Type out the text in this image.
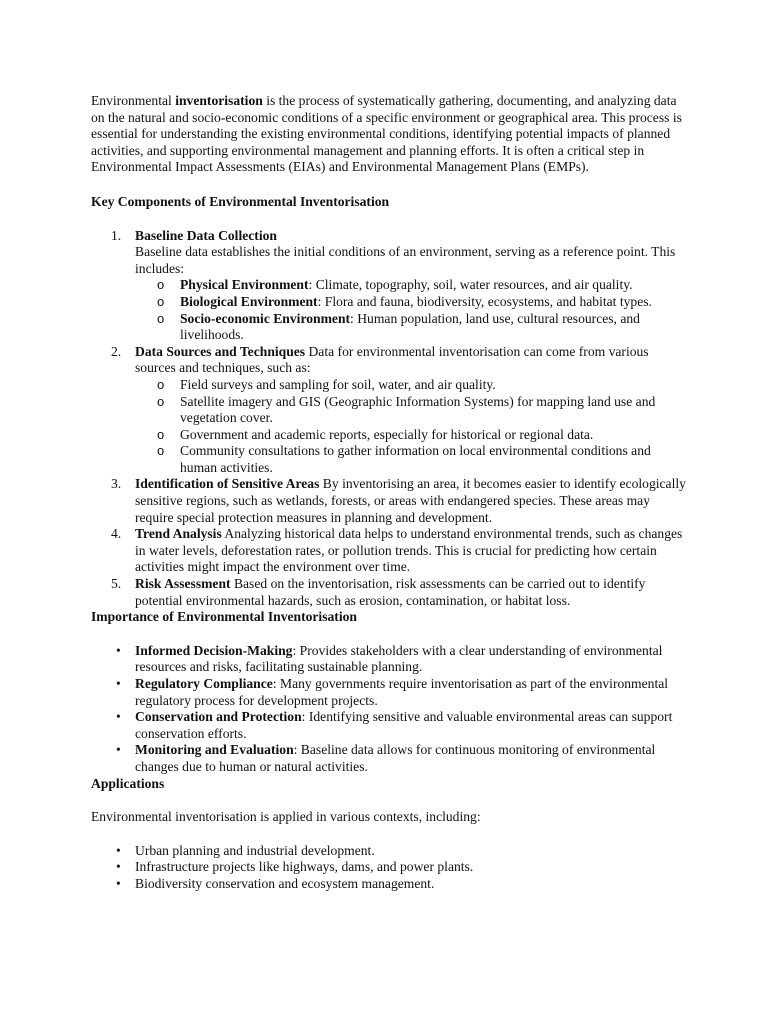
Environmental inventorisation is the process of systematically gathering, documenting, and analyzing data on the natural and socio-economic conditions of a specific environment or geographical area. This process is essential for understanding the existing environmental conditions, identifying potential impacts of planned activities, and supporting environmental management and planning efforts. It is often a critical step in Environmental Impact Assessments (EIAs) and Environmental Management Plans (EMPs).

Key Components of Environmental Inventorisation

1. Baseline Data Collection
Baseline data establishes the initial conditions of an environment, serving as a reference point. This includes:
o Physical Environment: Climate, topography, soil, water resources, and air quality.
o Biological Environment: Flora and fauna, biodiversity, ecosystems, and habitat types.
o Socio-economic Environment: Human population, land use, cultural resources, and livelihoods.
2. Data Sources and Techniques Data for environmental inventorisation can come from various sources and techniques, such as:
o Field surveys and sampling for soil, water, and air quality.
o Satellite imagery and GIS (Geographic Information Systems) for mapping land use and vegetation cover.
o Government and academic reports, especially for historical or regional data.
o Community consultations to gather information on local environmental conditions and human activities.
3. Identification of Sensitive Areas By inventorising an area, it becomes easier to identify ecologically sensitive regions, such as wetlands, forests, or areas with endangered species. These areas may require special protection measures in planning and development.
4. Trend Analysis Analyzing historical data helps to understand environmental trends, such as changes in water levels, deforestation rates, or pollution trends. This is crucial for predicting how certain activities might impact the environment over time.
5. Risk Assessment Based on the inventorisation, risk assessments can be carried out to identify potential environmental hazards, such as erosion, contamination, or habitat loss.

Importance of Environmental Inventorisation

• Informed Decision-Making: Provides stakeholders with a clear understanding of environmental resources and risks, facilitating sustainable planning.
• Regulatory Compliance: Many governments require inventorisation as part of the environmental regulatory process for development projects.
• Conservation and Protection: Identifying sensitive and valuable environmental areas can support conservation efforts.
• Monitoring and Evaluation: Baseline data allows for continuous monitoring of environmental changes due to human or natural activities.

Applications

Environmental inventorisation is applied in various contexts, including:

• Urban planning and industrial development.
• Infrastructure projects like highways, dams, and power plants.
• Biodiversity conservation and ecosystem management.
